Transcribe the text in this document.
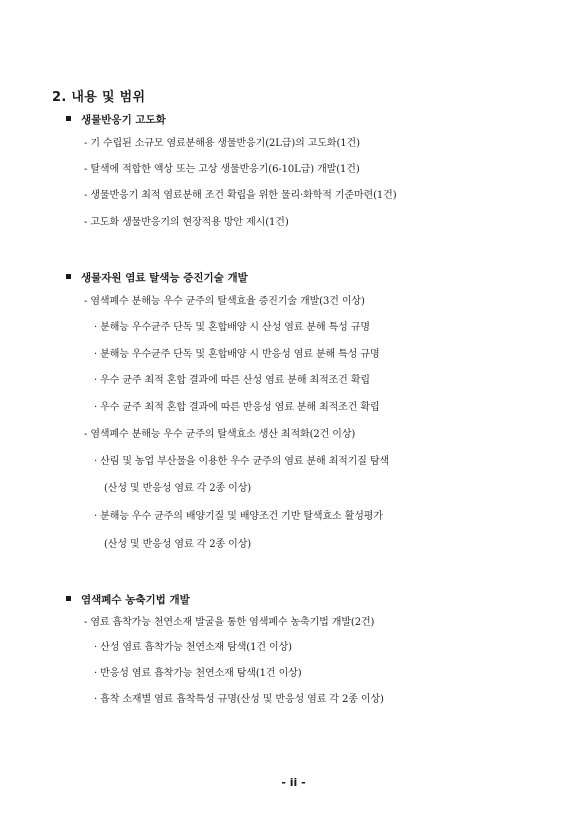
2. 내용 및 범위
생물반응기 고도화
- 기 수립된 소규모 염료분해용 생물반응기(2L급)의 고도화(1건)
- 탈색에 적합한 액상 또는 고상 생물반응기(6-10L급) 개발(1건)
- 생물반응기 최적 염료분해 조건 확립을 위한 물리·화학적 기준마련(1건)
- 고도화 생물반응기의 현장적용 방안 제시(1건)
생물자원 염료 탈색능 증진기술 개발
- 염색폐수 분해능 우수 균주의 탈색효율 증진기술 개발(3건 이상)
· 분해능 우수균주 단독 및 혼합배양 시 산성 염료 분해 특성 규명
· 분해능 우수균주 단독 및 혼합배양 시 반응성 염료 분해 특성 규명
· 우수 균주 최적 혼합 결과에 따른 산성 염료 분해 최적조건 확립
· 우수 균주 최적 혼합 결과에 따른 반응성 염료 분해 최적조건 확립
- 염색폐수 분해능 우수 균주의 탈색효소 생산 최적화(2건 이상)
· 산림 및 농업 부산물을 이용한 우수 균주의 염료 분해 최적기질 탐색
(산성 및 반응성 염료 각 2종 이상)
· 분해능 우수 균주의 배양기질 및 배양조건 기반 탈색효소 활성평가
(산성 및 반응성 염료 각 2종 이상)
염색폐수 농축기법 개발
- 염료 흡착가능 천연소재 발굴을 통한 염색폐수 농축기법 개발(2건)
· 산성 염료 흡착가능 천연소재 탐색(1건 이상)
· 반응성 염료 흡착가능 천연소재 탐색(1건 이상)
· 흡착 소재별 염료 흡착특성 규명(산성 및 반응성 염료 각 2종 이상)
- ii -
